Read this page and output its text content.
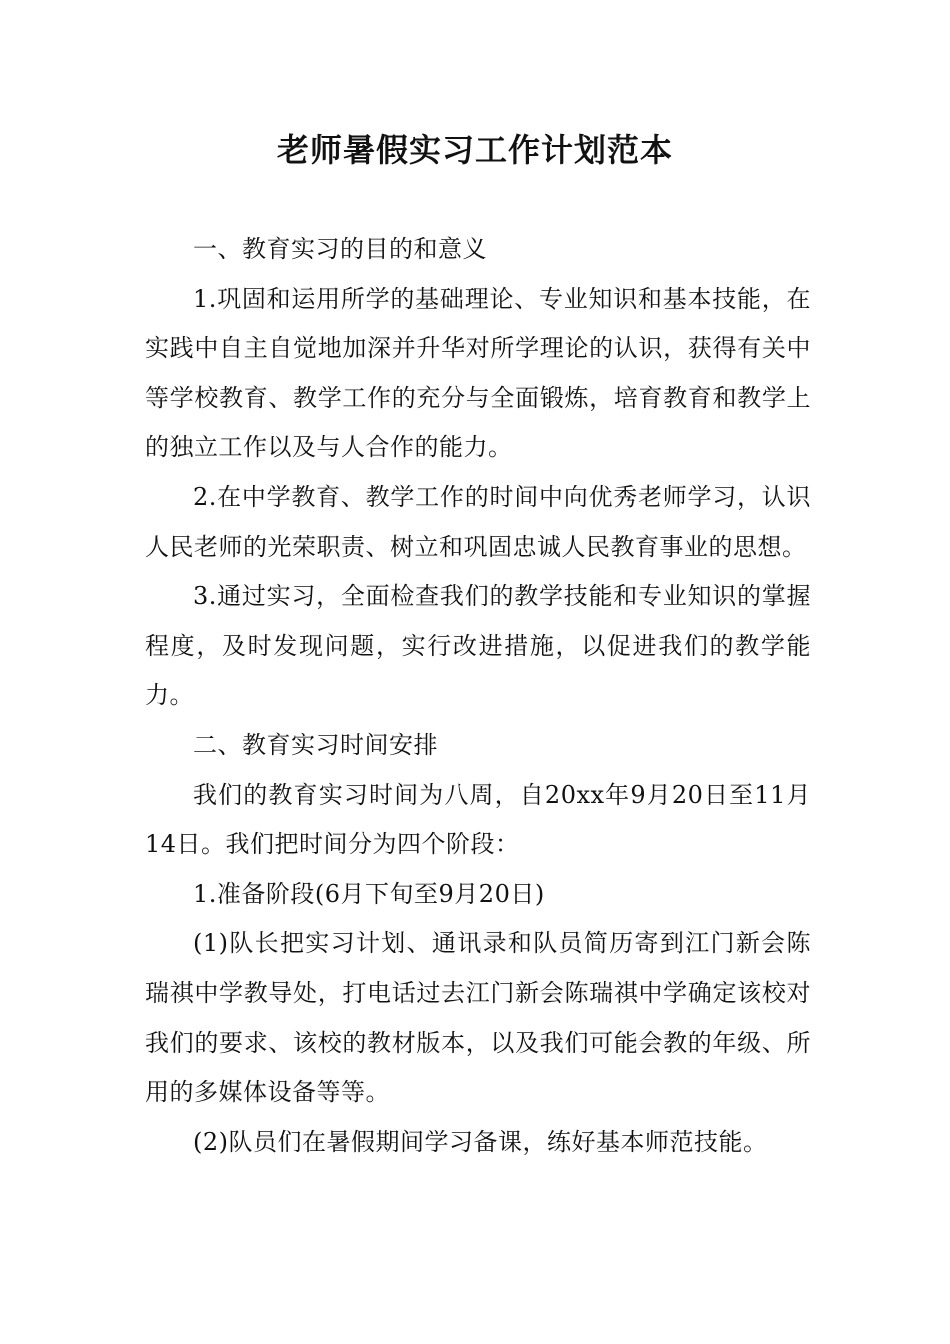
老师暑假实习工作计划范本

一、教育实习的目的和意义

1.巩固和运用所学的基础理论、专业知识和基本技能，在实践中自主自觉地加深并升华对所学理论的认识，获得有关中等学校教育、教学工作的充分与全面锻炼，培育教育和教学上的独立工作以及与人合作的能力。

2.在中学教育、教学工作的时间中向优秀老师学习，认识人民老师的光荣职责、树立和巩固忠诚人民教育事业的思想。

3.通过实习，全面检查我们的教学技能和专业知识的掌握程度，及时发现问题，实行改进措施，以促进我们的教学能力。

二、教育实习时间安排

我们的教育实习时间为八周，自20xx年9月20日至11月14日。我们把时间分为四个阶段：

1.准备阶段(6月下旬至9月20日)

(1)队长把实习计划、通讯录和队员简历寄到江门新会陈瑞祺中学教导处，打电话过去江门新会陈瑞祺中学确定该校对我们的要求、该校的教材版本，以及我们可能会教的年级、所用的多媒体设备等等。

(2)队员们在暑假期间学习备课，练好基本师范技能。
